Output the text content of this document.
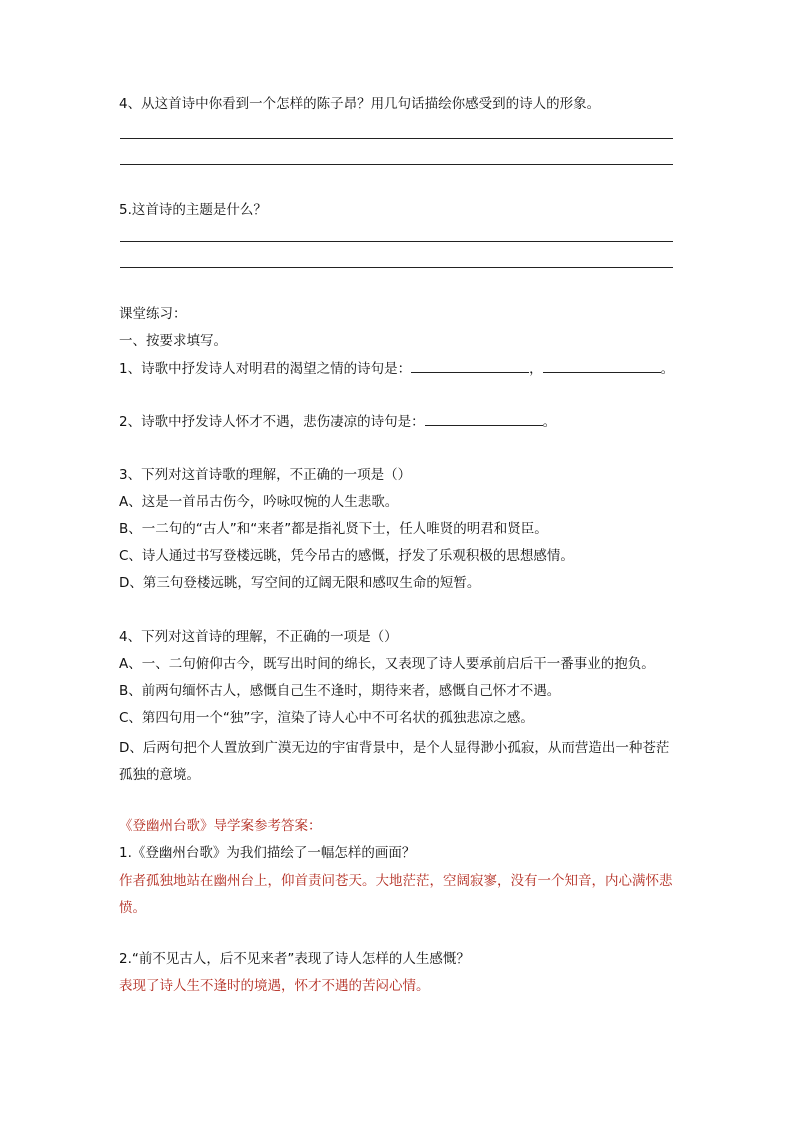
4、从这首诗中你看到一个怎样的陈子昂？用几句话描绘你感受到的诗人的形象。
5.这首诗的主题是什么？
课堂练习：
一、按要求填写。
1、诗歌中抒发诗人对明君的渴望之情的诗句是：	，	。
2、诗歌中抒发诗人怀才不遇，悲伤凄凉的诗句是：	。
3、下列对这首诗歌的理解，不正确的一项是（）
A、这是一首吊古伤今，吟咏叹惋的人生悲歌。
B、一二句的“古人”和“来者”都是指礼贤下士，任人唯贤的明君和贤臣。
C、诗人通过书写登楼远眺，凭今吊古的感慨，抒发了乐观积极的思想感情。
D、第三句登楼远眺，写空间的辽阔无限和感叹生命的短暂。
4、下列对这首诗的理解，不正确的一项是（）
A、一、二句俯仰古今，既写出时间的绵长，又表现了诗人要承前启后干一番事业的抱负。
B、前两句缅怀古人，感慨自己生不逢时，期待来者，感慨自己怀才不遇。
C、第四句用一个“独”字，渲染了诗人心中不可名状的孤独悲凉之感。
D、后两句把个人置放到广漠无边的宇宙背景中，是个人显得渺小孤寂，从而营造出一种苍茫孤独的意境。
《登幽州台歌》导学案参考答案：
1.《登幽州台歌》为我们描绘了一幅怎样的画面？
作者孤独地站在幽州台上，仰首责问苍天。大地茫茫，空阔寂寥，没有一个知音，内心满怀悲愤。
2.“前不见古人，后不见来者”表现了诗人怎样的人生感慨？
表现了诗人生不逢时的境遇，怀才不遇的苦闷心情。
